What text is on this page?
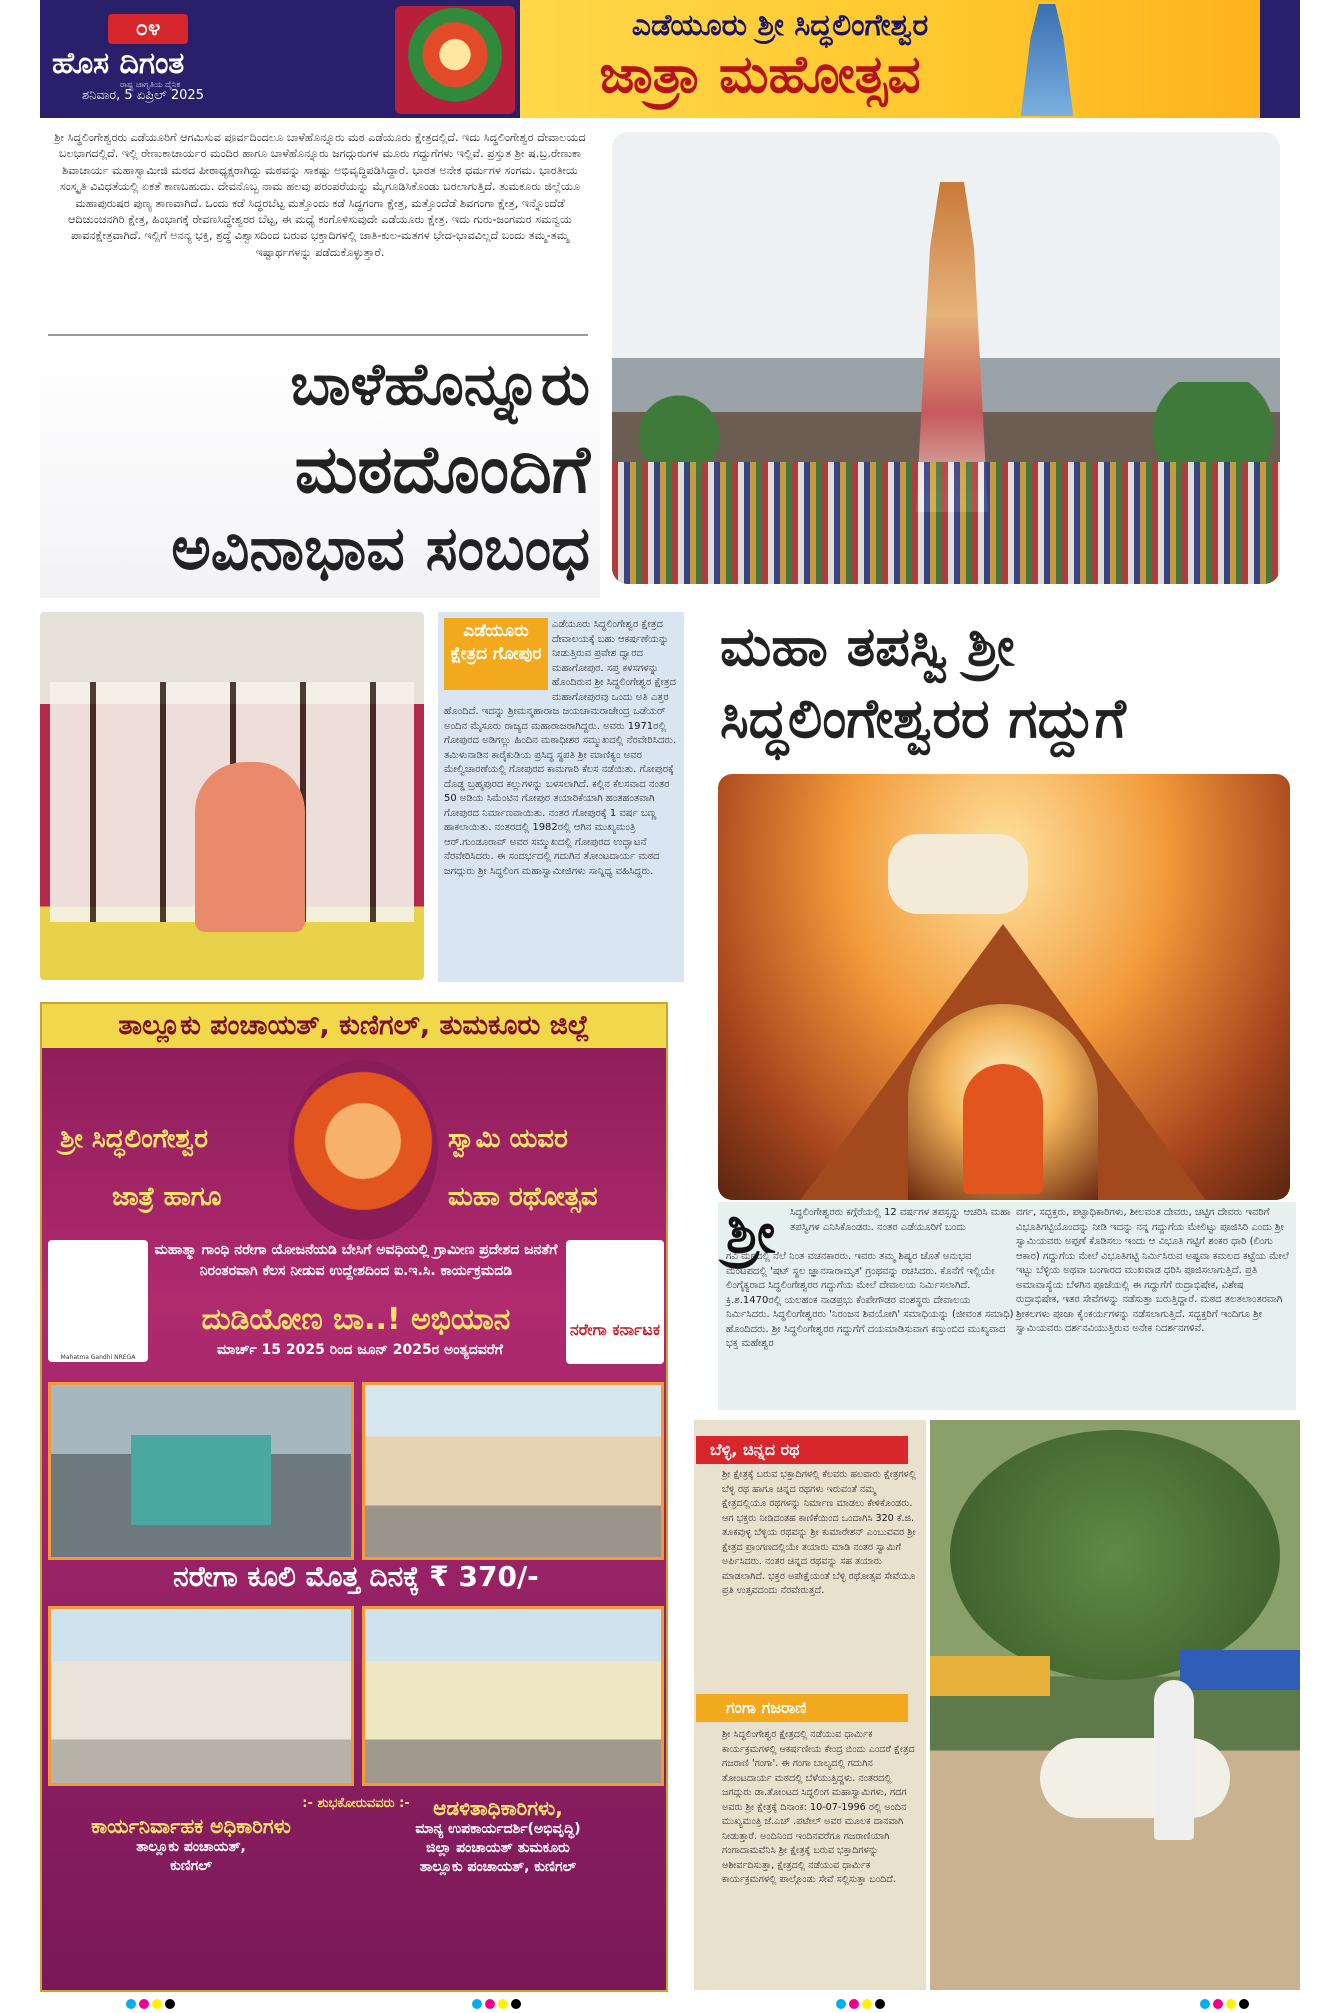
೦೪
ಹೊಸ ದಿಗಂತ
ರಾಷ್ಟ್ರ ಜಾಗೃತಿಯ ದೈನಿಕ
ಶನಿವಾರ, 5 ಏಪ್ರಿಲ್ 2025
ಎಡೆಯೂರು ಶ್ರೀ ಸಿದ್ಧಲಿಂಗೇಶ್ವರ
ಜಾತ್ರಾ ಮಹೋತ್ಸವ
ಶ್ರೀ ಸಿದ್ಧಲಿಂಗೇಶ್ವರರು ಎಡೆಯೂರಿಗೆ ಆಗಮಿಸುವ ಪೂರ್ವದಿಂದಲೂ ಬಾಳೆಹೊನ್ನೂರು ಮಠ ಎಡೆಯೂರು ಕ್ಷೇತ್ರದಲ್ಲಿದೆ. ಇದು ಸಿದ್ಧಲಿಂಗೇಶ್ವರ ದೇವಾಲಯದ ಬಲಭಾಗದಲ್ಲಿದೆ. ಇಲ್ಲಿ ರೇಣುಕಾಚಾರ್ಯರ ಮಂದಿರ ಹಾಗೂ ಬಾಳೆಹೊನ್ನೂರು ಜಗದ್ಗುರುಗಳ ಮೂರು ಗದ್ದುಗೆಗಳು ಇಲ್ಲಿವೆ. ಪ್ರಸ್ತುತ ಶ್ರೀ ಷ.ಬ್ರ.ರೇಣುಕಾ ಶಿವಾಚಾರ್ಯ ಮಹಾಸ್ವಾಮೀಜಿ ಮಠದ ಪೀಠಾಧ್ಯಕ್ಷರಾಗಿದ್ದು ಮಠವನ್ನು ಸಾಕಷ್ಟು ಅಭಿವೃದ್ಧಿಪಡಿಸಿದ್ದಾರೆ. ಭಾರತ ಅನೇಕ ಧರ್ಮಗಳ ಸಂಗಮ. ಭಾರತೀಯ ಸಂಸ್ಕೃತಿ ವಿವಿಧತೆಯಲ್ಲಿ ಏಕತೆ ಕಾಣಬಹುದು. ದೇವನೊಬ್ಬ ನಾಮ ಹಲವು ಪರಂಪರೆಯನ್ನು ಮೈಗೂಡಿಸಿಕೊಂಡು ಬರಲಾಗುತ್ತಿದೆ. ತುಮಕೂರು ಜಿಲ್ಲೆಯೂ ಮಹಾಪುರುಷರ ಪುಣ್ಯ ತಾಣವಾಗಿದೆ. ಒಂದು ಕಡೆ ಸಿದ್ಧರಬೆಟ್ಟ ಮತ್ತೊಂದು ಕಡೆ ಸಿದ್ಧಗಂಗಾ ಕ್ಷೇತ್ರ, ಮತ್ತೊಂದೆಡೆ ಶಿವಗಂಗಾ ಕ್ಷೇತ್ರ, ಇನ್ನೊಂದೆಡೆ ಆದಿಚುಂಚನಗಿರಿ ಕ್ಷೇತ್ರ, ಹಿಂಭಾಗಕ್ಕೆ ರೇವಣಸಿದ್ಧೇಶ್ವರರ ಬೆಟ್ಟ, ಈ ಮಧ್ಯೆ ಕಂಗೊಳಿಸುವುದೇ ಎಡೆಯೂರು ಕ್ಷೇತ್ರ. ಇದು ಗುರು-ಜಂಗಮರ ಸಮನ್ವಯ ಪಾವನಕ್ಷೇತ್ರವಾಗಿದೆ. ಇಲ್ಲಿಗೆ ಅನನ್ಯ ಭಕ್ತಿ, ಶ್ರದ್ಧೆ ವಿಶ್ವಾಸದಿಂದ ಬರುವ ಭಕ್ತಾದಿಗಳಲ್ಲಿ ಜಾತಿ-ಕುಲ-ಮತಗಳ ಭೇದ-ಭಾವವಿಲ್ಲದೆ ಬಂದು ತಮ್ಮ-ತಮ್ಮ ಇಷ್ಟಾರ್ಥಗಳನ್ನು ಪಡೆದುಕೊಳ್ಳುತ್ತಾರೆ.
ಬಾಳೆಹೊನ್ನೂರು
ಮಠದೊಂದಿಗೆ
ಅವಿನಾಭಾವ ಸಂಬಂಧ
ಎಡೆಯೂರು ಸಿದ್ಧಲಿಂಗೇಶ್ವರ ಕ್ಷೇತ್ರದ ದೇವಾಲಯಕ್ಕೆ ಬಹು ಆಕರ್ಷಣೆಯನ್ನು ನೀಡುತ್ತಿರುವ ಪ್ರವೇಶ ದ್ವಾರದ ಮಹಾಗೋಪುರ. ಸಪ್ತ ಕಳಸಗಳನ್ನು ಹೊಂದಿರುವ ಶ್ರೀ ಸಿದ್ಧಲಿಂಗೇಶ್ವರ ಕ್ಷೇತ್ರದ ಮಹಾಗೋಪುರವು ಒಂದು ಅತಿ ಎತ್ತರ ಹೊಂದಿದೆ. ಇದನ್ನು ಶ್ರೀಮನ್ಮಹಾರಾಜ ಜಯಚಾಮರಾಜೇಂದ್ರ ಒಡೆಯರ್ ಅಂದಿನ ಮೈಸೂರು ರಾಜ್ಯದ ಮಹಾರಾಜರಾಗಿದ್ದರು. ಅವರು 1971ರಲ್ಲಿ ಗೋಪುರದ ಅಡಿಗಲ್ಲು ಹಿಂದಿನ ಮಠಾಧೀಶರ ಸಮ್ಮುಖದಲ್ಲಿ ನೆರವೇರಿಸಿದರು. ತಮಿಳುನಾಡಿನ ಕಾರೈಕುಡಿಯ ಪ್ರಸಿದ್ಧ ಸ್ಥಪತಿ ಶ್ರೀ ಮಾಣಿಕ್ಯಂ ಅವರ ಮೇಲ್ವಿಚಾರಣೆಯಲ್ಲಿ ಗೋಪುರದ ಕಾಮಗಾರಿ ಕೆಲಸ ನಡೆಯಿತು. ಗೋಪುರಕ್ಕೆ ದೊಡ್ಡ ಬ್ರಹ್ಮಪುರದ ಕಲ್ಲುಗಳನ್ನು ಬಳಸಲಾಗಿದೆ. ಕಲ್ಲಿನ ಕೆಲಸವಾದ ನಂತರ 50 ಅಡಿಯ ಸಿಮೆಂಟಿನ ಗೋಪುರ ತಯಾರಿಕೆಯಾಗಿ ಹಂತಹಂತವಾಗಿ ಗೋಪುರದ ನಿರ್ಮಾಣವಾಯಿತು. ನಂತರ ಗೋಪುರಕ್ಕೆ 1 ವರ್ಷ ಬಣ್ಣ ಹಾಕಲಾಯಿತು. ನಂತರದಲ್ಲಿ 1982ರಲ್ಲಿ ಆಗಿನ ಮುಖ್ಯಮಂತ್ರಿ ಆರ್.ಗುಂಡೂರಾವ್ ಅವರ ಸಮ್ಮುಖದಲ್ಲಿ ಗೋಪುರದ ಉದ್ಘಾಟನೆ ನೆರವೇರಿಸಿದರು. ಈ ಸಂದರ್ಭದಲ್ಲಿ ಗದುಗಿನ ತೋಂಟದಾರ್ಯ ಮಠದ ಜಗದ್ಗುರು ಶ್ರೀ ಸಿದ್ಧಲಿಂಗ ಮಹಾಸ್ವಾಮೀಜಿಗಳು ಸಾನ್ನಿಧ್ಯ ವಹಿಸಿದ್ದರು.
ಎಡೆಯೂರು ಕ್ಷೇತ್ರದ ಗೋಪುರ	ಮಹಾ ತಪಸ್ವಿ ಶ್ರೀ
ಸಿದ್ಧಲಿಂಗೇಶ್ವರರ ಗದ್ದುಗೆ
ಶ್ರೀ ಸಿದ್ಧಲಿಂಗೇಶ್ವರರು ಕಗ್ಗೆರೆಯಲ್ಲಿ 12 ವರ್ಷಗಳ ತಪಸ್ಸನ್ನು ಆಚರಿಸಿ ಮಹಾ ತಪಸ್ವಿಗಳ ಎನಿಸಿಕೊಂಡರು. ನಂತರ ಎಡೆಯೂರಿಗೆ ಬಂದು
ಗವಿ ಮಠದಲ್ಲಿ ನೆಲೆ ನಿಂತ ವಚನಕಾರರು. ಇವರು ತಮ್ಮ ಶಿಷ್ಯರ ಜೊತೆ ಅನುಭವ ಮಂಟಪದಲ್ಲಿ 'ಷಟ್ ಸ್ಥಲ ಜ್ಞಾನಸಾರಾಮೃತ' ಗ್ರಂಥವನ್ನು ರಚಿಸಿದರು. ಕೊನೆಗೆ ಇಲ್ಲಿಯೇ ಲಿಂಗೈಕ್ಯರಾದ ಸಿದ್ಧಲಿಂಗೇಶ್ವರರ ಗದ್ದುಗೆಯ ಮೇಲೆ ದೇವಾಲಯ ನಿರ್ಮಿಸಲಾಗಿದೆ. ಕ್ರಿ.ಶ.1470ರಲ್ಲಿ ಯಲಹಂಕ ನಾಡಪ್ರಭು ಕೆಂಪೇಗೌಡರ ವಂಶಸ್ಥರು ದೇವಾಲಯ ನಿರ್ಮಿಸಿದರು. ಸಿದ್ಧಲಿಂಗೇಶ್ವರರು 'ನಿರಂಜನ ಶಿವಯೋಗಿ' ಸಮಾಧಿಯನ್ನು (ಜೀವಂತ ಸಮಾಧಿ) ಹೊಂದಿದರು. ಶ್ರೀ ಸಿದ್ಧಲಿಂಗೇಶ್ವರರ ಗದ್ದುಗೆಗೆ ದಯಮಾಡಿಸುವಾಗ ಕಣ್ತುಂಬಿದ ಮುಖ್ಯವಾದ ಭಕ್ತ ಮಹೇಶ್ವರ
ವರ್ಗ, ಸದ್ಭಕ್ತರು, ಪಟ್ಟಾಧಿಕಾರಿಗಳು, ಶೀಲವಂತ ದೇವರು, ಚಟ್ಟಿಗ ದೇವರು ಇವರಿಗೆ ವಿಭೂತಿಗಟ್ಟಿಯೊಂದನ್ನು ನೀಡಿ ಇದನ್ನು ನನ್ನ ಗದ್ದುಗೆಯ ಮೇಲಿಟ್ಟು ಪೂಜಿಸಿರಿ ಎಂದು ಶ್ರೀ ಸ್ವಾಮಿಯವರು ಅಪ್ಪಣೆ ಕೊಡಿಸಲು ಇಂದು ಆ ವಿಭೂತಿ ಗಟ್ಟಿಗೆ ಶಂಕರ ಧಾರಿ (ಲಿಂಗು ಆಕಾರ) ಗದ್ದುಗೆಯ ಮೇಲೆ ವಿಭೂತಿಗಟ್ಟಿ ನಿರ್ಮಿಸಿರುವ ಅಷ್ಟವಾ ಕಮಲದ ಕಟ್ಟೆಯ ಮೇಲೆ ಇಟ್ಟು ಬೆಳ್ಳಿಯ ಅಥವಾ ಬಂಗಾರದ ಮುಖವಾಡ ಧರಿಸಿ ಪೂಜಿಸಲಾಗುತ್ತಿದೆ. ಪ್ರತಿ ಅಮಾವಾಸ್ಯೆಯ ಬೆಳಗಿನ ಪೂಜೆಯಲ್ಲಿ ಈ ಗದ್ದುಗೆಗೆ ರುದ್ರಾಭಿಷೇಕ, ವಿಶೇಷ ರುದ್ರಾಭಿಷೇಕ, ಇತರ ಸೇವೆಗಳನ್ನು ನಡೆಸುತ್ತಾ ಬರುತ್ತಿದ್ದಾರೆ. ಮಠದ ತಲತಲಾಂತರವಾಗಿ ಶ್ರೀಕಲಗಳು ಪೂಜಾ ಕೈಂಕರ್ಯಗಳನ್ನು ನಡೆಸಲಾಗುತ್ತಿದೆ. ಸದ್ಭಕ್ತರಿಗೆ ಇಂದಿಗೂ ಶ್ರೀ ಸ್ವಾಮಿಯವರು ದರ್ಶನವಿಯುತ್ತಿರುವ ಅನೇಕ ನಿದರ್ಶನಗಳಿವೆ.
ತಾಲ್ಲೂಕು ಪಂಚಾಯತ್, ಕುಣಿಗಲ್, ತುಮಕೂರು ಜಿಲ್ಲೆ
ಶ್ರೀ ಸಿದ್ಧಲಿಂಗೇಶ್ವರ	ಸ್ವಾಮಿ ಯವರ
ಜಾತ್ರೆ ಹಾಗೂ	ಮಹಾ ರಥೋತ್ಸವ
Mahatma Gandhi NREGA
ನರೇಗಾ ಕರ್ನಾಟಕ
ಮಹಾತ್ಮಾ ಗಾಂಧಿ ನರೇಗಾ ಯೋಜನೆಯಡಿ ಬೇಸಿಗೆ ಅವಧಿಯಲ್ಲಿ ಗ್ರಾಮೀಣ ಪ್ರದೇಶದ ಜನತೆಗೆ ನಿರಂತರವಾಗಿ ಕೆಲಸ ನೀಡುವ ಉದ್ದೇಶದಿಂದ ಐ.ಇ.ಸಿ. ಕಾರ್ಯಕ್ರಮದಡಿ
ದುಡಿಯೋಣ ಬಾ..! ಅಭಿಯಾನ
ಮಾರ್ಚ್ 15 2025 ರಿಂದ ಜೂನ್ 2025ರ ಅಂತ್ಯದವರೆಗೆ
ನರೇಗಾ ಕೂಲಿ ಮೊತ್ತ ದಿನಕ್ಕೆ ₹ 370/-
:- ಶುಭಕೋರುವವರು :-
ಕಾರ್ಯನಿರ್ವಾಹಕ ಅಧಿಕಾರಿಗಳು
ತಾಲ್ಲೂಕು ಪಂಚಾಯತ್,
ಕುಣಿಗಲ್
ಆಡಳಿತಾಧಿಕಾರಿಗಳು,
ಮಾನ್ಯ ಉಪಕಾರ್ಯದರ್ಶಿ(ಅಭಿವೃದ್ಧಿ)
ಜಿಲ್ಲಾ ಪಂಚಾಯತ್ ತುಮಕೂರು
ತಾಲ್ಲೂಕು ಪಂಚಾಯತ್, ಕುಣಿಗಲ್
ಬೆಳ್ಳಿ, ಚಿನ್ನದ ರಥ
ಶ್ರೀ ಕ್ಷೇತ್ರಕ್ಕೆ ಬರುವ ಭಕ್ತಾದಿಗಳಲ್ಲಿ ಕೆಲವರು ಹಲವಾರು ಕ್ಷೇತ್ರಗಳಲ್ಲಿ ಬೆಳ್ಳಿ ರಥ ಹಾಗೂ ಚಿನ್ನದ ರಥಗಳು ಇರುವಂತೆ ನಮ್ಮ ಕ್ಷೇತ್ರದಲ್ಲಿಯೂ ರಥಗಳನ್ನು ನಿರ್ಮಾಣ ಮಾಡಲು ಕೇಳಿಕೊಂಡರು. ಆಗ ಭಕ್ತರು ನೀಡಿದಂತಹ ಕಾಣಿಕೆಯಿಂದ ಒಂದಾಗಿಸಿ 320 ಕೆ.ಜಿ. ತೂಕವುಳ್ಳ ಬೆಳ್ಳಿಯ ರಥವನ್ನು ಶ್ರೀ ಕುಮಾರೇಶನ್ ಎಂಬುವವರ ಶ್ರೀ ಕ್ಷೇತ್ರದ ಪ್ರಾಂಗಣದಲ್ಲಿಯೇ ತಯಾರು ಮಾಡಿ ನಂತರ ಸ್ವಾಮಿಗೆ ಅರ್ಪಿಸಿದರು. ನಂತರ ಚಿನ್ನದ ರಥವನ್ನು ಸಹ ತಯಾರು ಮಾಡಲಾಗಿದೆ. ಭಕ್ತರ ಅಪೇಕ್ಷೆಯಂತೆ ಬೆಳ್ಳಿ ರಥೋತ್ಸವ ಸೇವೆಯೂ ಪ್ರತಿ ಉತ್ಸವದಂದು ನೆರವೇರುತ್ತದೆ.
ಗಂಗಾ ಗಜರಾಣಿ
ಶ್ರೀ ಸಿದ್ಧಲಿಂಗೇಶ್ವರ ಕ್ಷೇತ್ರದಲ್ಲಿ ನಡೆಯುವ ಧಾರ್ಮಿಕ ಕಾರ್ಯಕ್ರಮಗಳಲ್ಲಿ ಆಕರ್ಷಣೀಯ ಕೇಂದ್ರ ಬಿಂದು ಎಂದರೆ ಕ್ಷೇತ್ರದ ಗಜರಾಣಿ 'ಗಂಗಾ'. ಈ ಗಂಗಾ ಬಾಲ್ಯದಲ್ಲಿ ಗದುಗಿನ ತೋಂಟದಾರ್ಯ ಮಠದಲ್ಲಿ ಬೆಳೆಯುತ್ತಿದ್ದಳು. ನಂತರದಲ್ಲಿ ಜಗದ್ಗುರು ಡಾ.ತೋಂಟದ ಸಿದ್ಧಲಿಂಗ ಮಹಾಸ್ವಾಮಿಗಳು, ಗದಗ ಅವರು ಶ್ರೀ ಕ್ಷೇತ್ರಕ್ಕೆ ದಿನಾಂಕ: 10-07-1996 ರಲ್ಲಿ ಅಂದಿನ ಮುಖ್ಯಮಂತ್ರಿ ಜೆ.ಎಚ್ .ಪಟೇಲ್ ಅವರ ಮೂಲಕ ದಾನವಾಗಿ ನೀಡುತ್ತಾರೆ. ಅಂದಿನಿಂದ ಇಂದಿನವರೆಗೂ ಗಜರಾಣಿಯಾಗಿ ಗಂಗಾದಾಮವೆನಿಸಿ ಶ್ರೀ ಕ್ಷೇತ್ರಕ್ಕೆ ಬರುವ ಭಕ್ತಾದಿಗಳನ್ನು ಆಶೀರ್ವದಿಸುತ್ತಾ, ಕ್ಷೇತ್ರದಲ್ಲಿ ನಡೆಯುವ ಧಾರ್ಮಿಕ ಕಾರ್ಯಕ್ರಮಗಳಲ್ಲಿ ಪಾಲ್ಗೊಂಡು ಸೇವೆ ಸಲ್ಲಿಸುತ್ತಾ ಬಂದಿದೆ.
